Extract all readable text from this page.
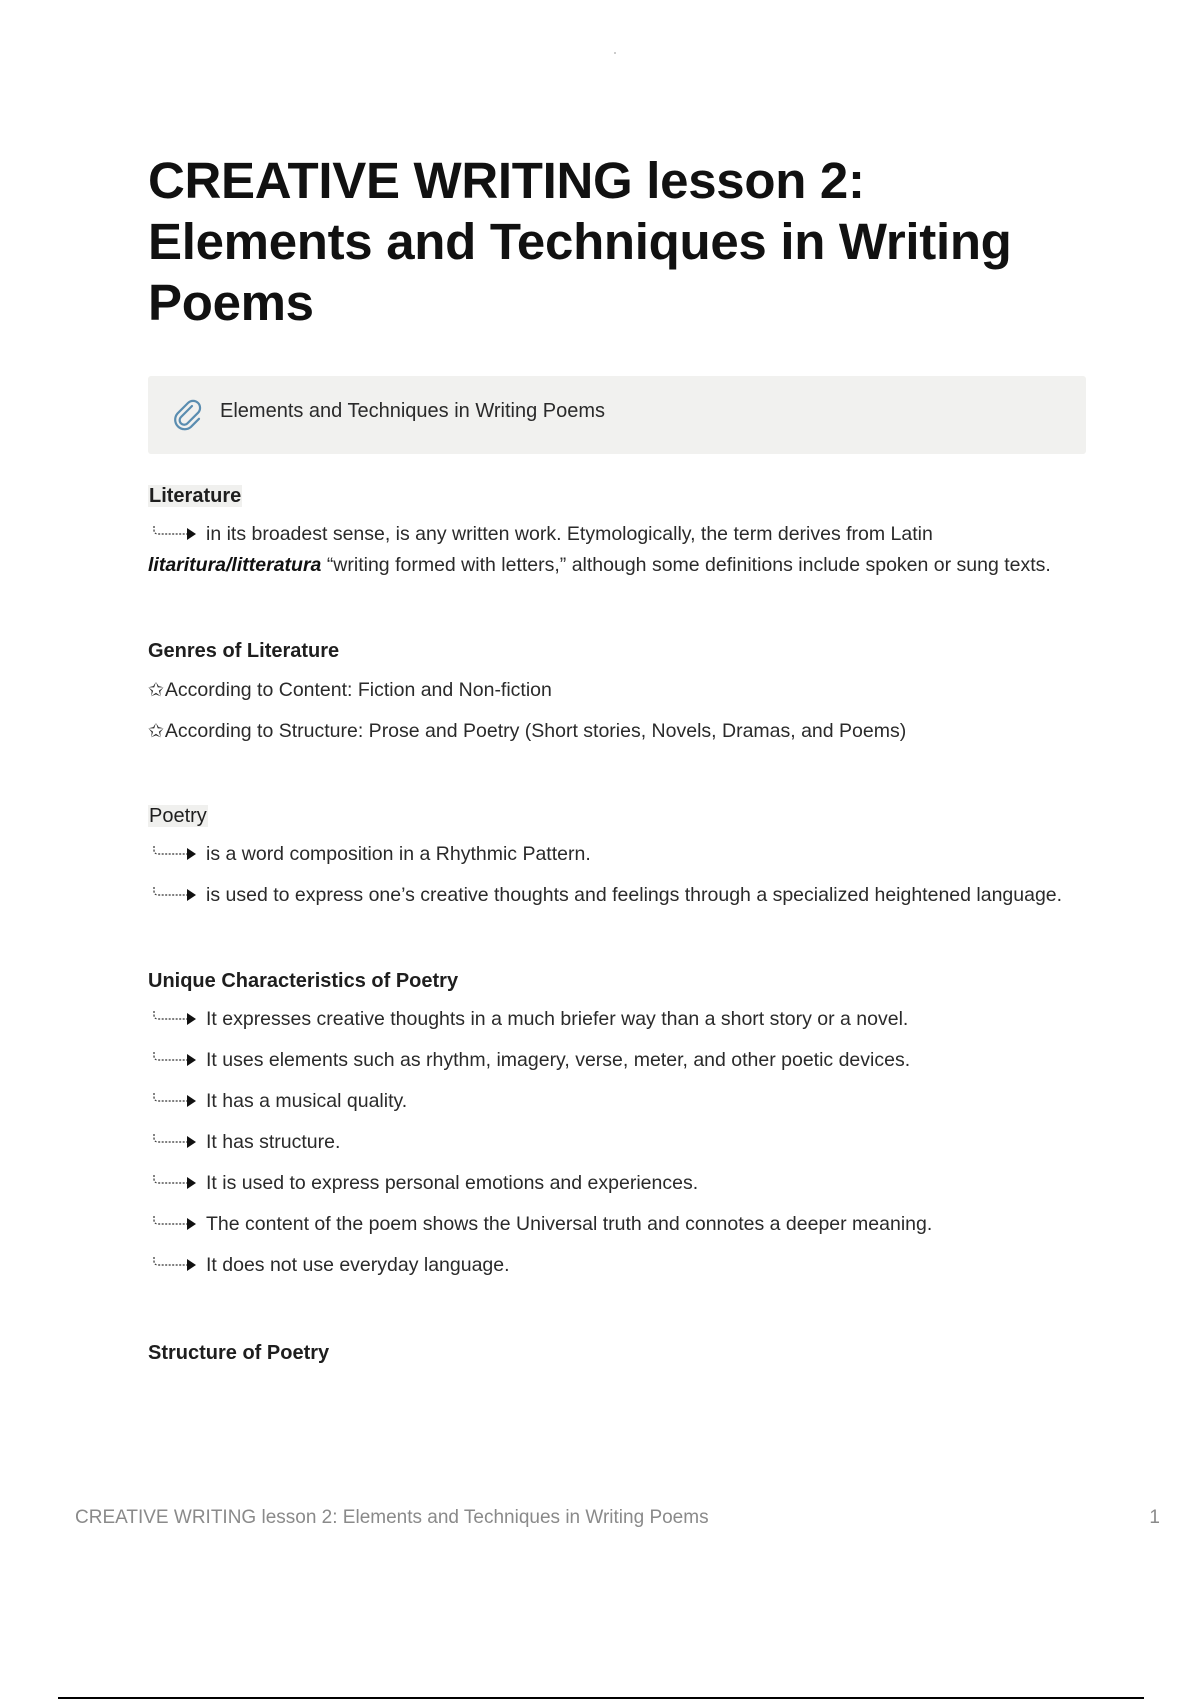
CREATIVE WRITING lesson 2: Elements and Techniques in Writing Poems
Elements and Techniques in Writing Poems
Literature

in its broadest sense, is any written work. Etymologically, the term derives from Latin litaritura/litteratura “writing formed with letters,” although some definitions include spoken or sung texts.

Genres of Literature

✩According to Content: Fiction and Non-fiction

✩According to Structure: Prose and Poetry (Short stories, Novels, Dramas, and Poems)

Poetry

is a word composition in a Rhythmic Pattern.

is used to express one’s creative thoughts and feelings through a specialized heightened language.

Unique Characteristics of Poetry

It expresses creative thoughts in a much briefer way than a short story or a novel.

It uses elements such as rhythm, imagery, verse, meter, and other poetic devices.

It has a musical quality.

It has structure.

It is used to express personal emotions and experiences.

The content of the poem shows the Universal truth and connotes a deeper meaning.

It does not use everyday language.

Structure of Poetry
CREATIVE WRITING lesson 2: Elements and Techniques in Writing Poems	1
